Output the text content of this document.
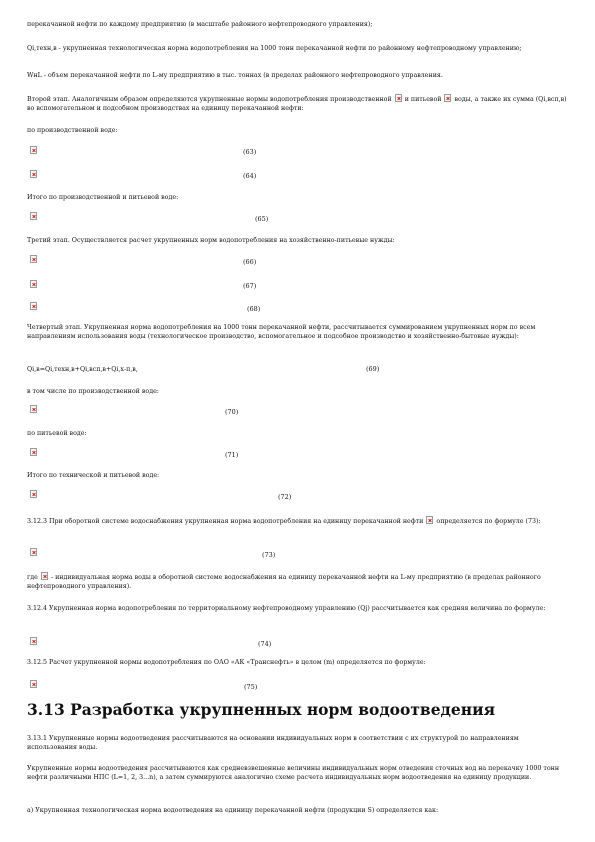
перекачанной нефти по каждому предприятию (в масштабе районного нефтепроводного управления);

Qi,тexн,в - укрупненная технологическая норма водопотребления на 1000 тонн перекачанной нефти по районному нефтепроводному управлению;

WнL - объем перекачанной нефти по L-му предприятию в тыс. тоннах (в пределах районного нефтепроводного управления.

Второй этап. Аналогичным образом определяются укрупненные нормы водопотребления производственной и питьевой воды, а также их сумма (Qi,всп,в) во вспомогательном и подсобном производствах на единицу перекачанной нефти:

по производственной воде:

(63)
(64)

Итого по производственной и питьевой воде:

(65)

Третий этап. Осуществляется расчет укрупненных норм водопотребления на хозяйственно-питьевые нужды:

(66)
(67)
(68)

Четвертый этап. Укрупненная норма водопотребления на 1000 тонн перекачанной нефти, рассчитывается суммированием укрупненных норм по всем направлениям использования воды (технологическое производство, вспомогательное и подсобное производство и хозяйственно-бытовые нужды):

Qi,в=Qi,тexн,в+Qi,всп,в+Qi,х-п,в,	(69)

в том числе по производственной воде:

(70)

по питьевой воде:

(71)

Итого по технической и питьевой воде:

(72)

3.12.3 При оборотной системе водоснабжения укрупненная норма водопотребления на единицу перекачанной нефти определяется по формуле (73):

(73)

где - индивидуальная норма воды в оборотной системе водоснабжения на единицу перекачанной нефти на L-му предприятию (в пределах районного нефтепроводного управления).

3.12.4 Укрупненная норма водопотребления по территориальному нефтепроводному управлению (Qj) рассчитывается как средняя величина по формуле:

(74)

3.12.5 Расчет укрупненной нормы водопотребления по ОАО «АК «Транснефть» в целом (m) определяется по формуле:

(75)
3.13 Разработка укрупненных норм водоотведения

3.13.1 Укрупненные нормы водоотведения рассчитываются на основании индивидуальных норм в соответствии с их структурой по направлениям использования воды.

Укрупненные нормы водоотведения рассчитываются как средневзвешенные величины индивидуальных норм отведения сточных вод на перекачку 1000 тонн нефти различными НПС (L=1, 2, 3...n), а затем суммируются аналогично схеме расчета индивидуальных норм водоотведения на единицу продукции.

а) Укрупненная технологическая норма водоотведения на единицу перекачанной нефти (продукции S) определяется как:
